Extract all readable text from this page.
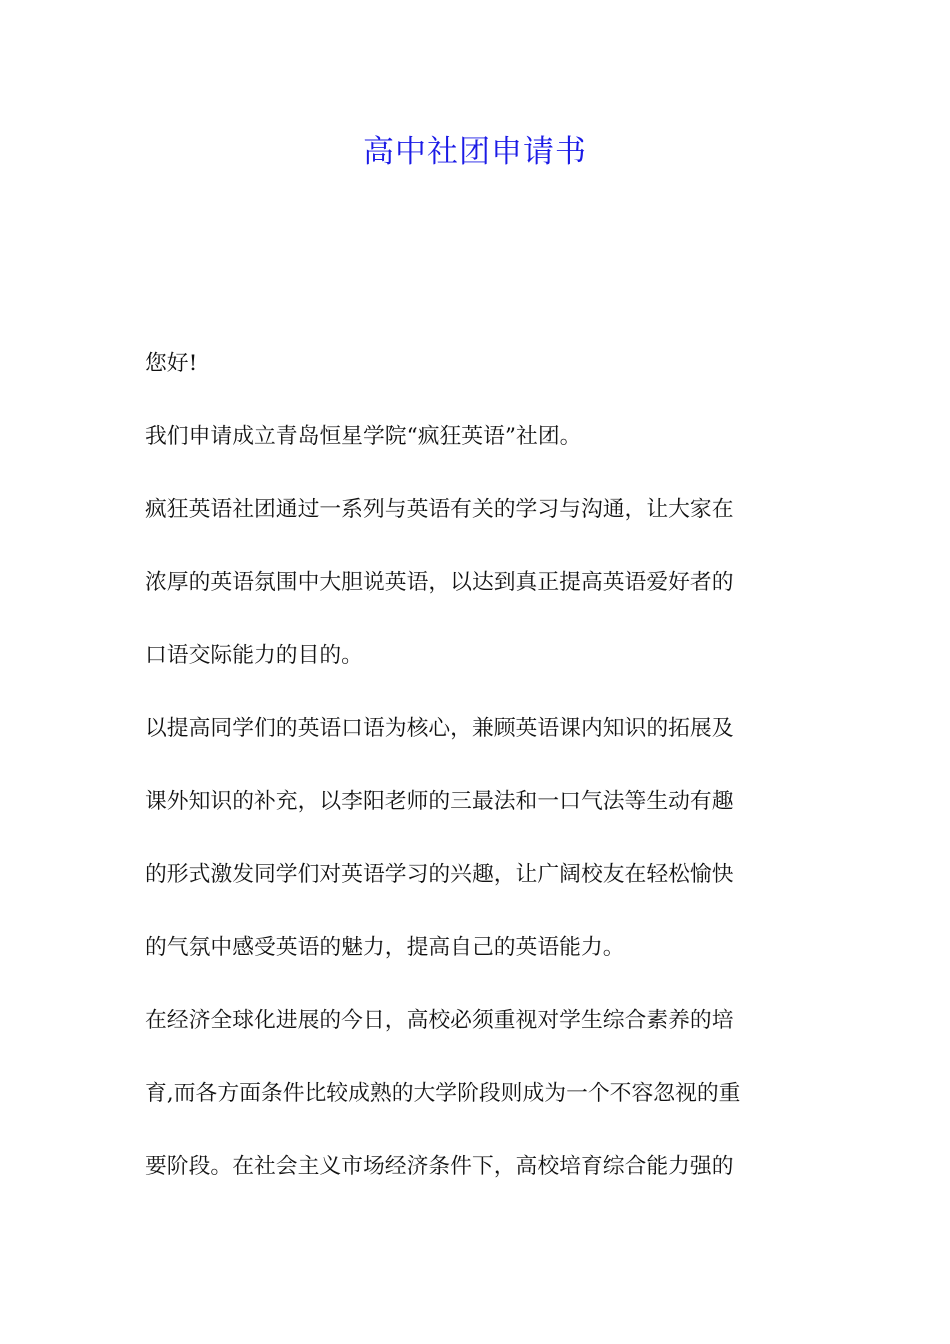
高中社团申请书
您好!
我们申请成立青岛恒星学院“疯狂英语”社团。
疯狂英语社团通过一系列与英语有关的学习与沟通，让大家在
浓厚的英语氛围中大胆说英语，以达到真正提高英语爱好者的
口语交际能力的目的。
以提高同学们的英语口语为核心，兼顾英语课内知识的拓展及
课外知识的补充，以李阳老师的三最法和一口气法等生动有趣
的形式激发同学们对英语学习的兴趣，让广阔校友在轻松愉快
的气氛中感受英语的魅力，提高自己的英语能力。
在经济全球化进展的今日，高校必须重视对学生综合素养的培
育,而各方面条件比较成熟的大学阶段则成为一个不容忽视的重
要阶段。在社会主义市场经济条件下，高校培育综合能力强的
